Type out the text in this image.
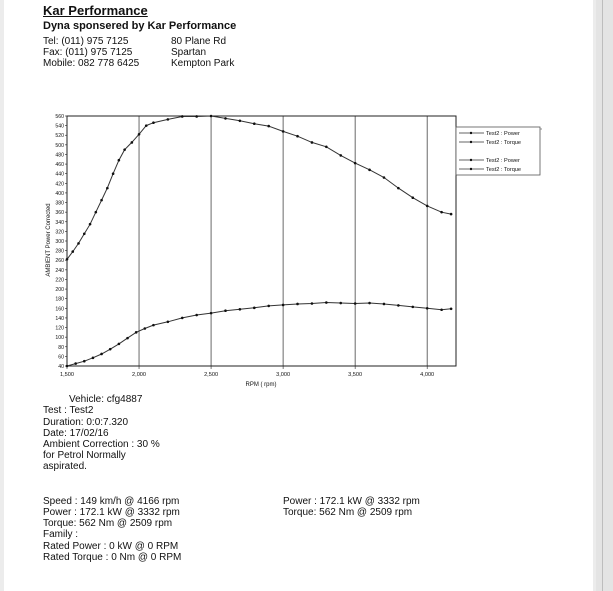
Kar Performance
Dyna sponsered by Kar Performance
Tel: (011) 975 7125
Fax: (011) 975 7125
Mobile: 082 778 6425
80 Plane Rd
Spartan
Kempton Park
40
60
80
100
120
140
160
180
200
220
240
260
280
300
320
340
360
380
400
420
440
460
480
500
520
540
560
1,500	2,000	2,500	3,000	3,500	4,000
AMBIENT Power Corrected
RPM ( rpm)
Test2 : Power
Test2 : Torque
Test2 : Power
Test2 : Torque
Vehicle: cfg4887
Test : Test2
Duration: 0:0:7.320
Date: 17/02/16
Ambient Correction : 30 %
for Petrol Normally
aspirated.
Speed : 149 km/h @ 4166 rpm
Power : 172.1 kW @ 3332 rpm
Torque: 562 Nm @ 2509 rpm
Family :
Rated Power : 0 kW @ 0 RPM
Rated Torque : 0 Nm @ 0 RPM
Power : 172.1 kW @ 3332 rpm
Torque: 562 Nm @ 2509 rpm
